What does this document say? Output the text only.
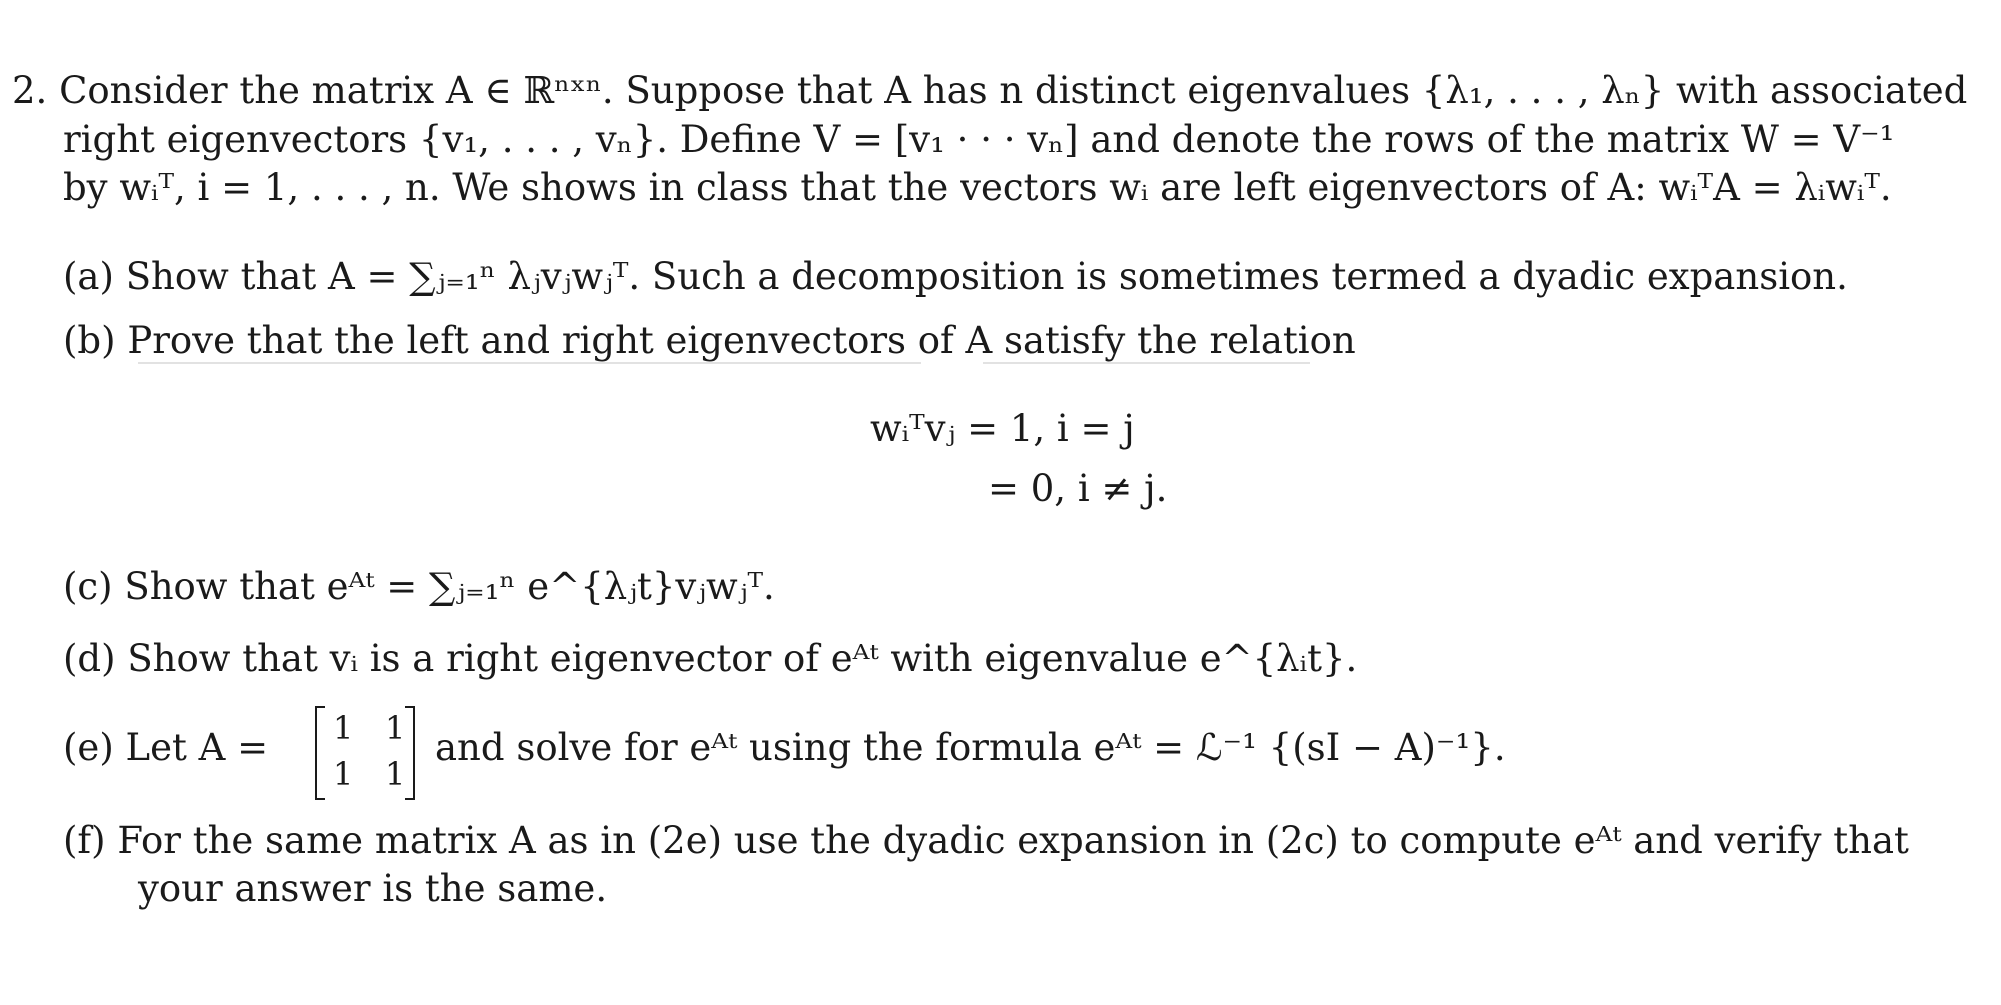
2. Consider the matrix A ∈ ℝⁿˣⁿ. Suppose that A has n distinct eigenvalues {λ₁, . . . , λₙ} with associated
right eigenvectors {v₁, . . . , vₙ}. Define V = [v₁ · · · vₙ] and denote the rows of the matrix W = V⁻¹
by wᵢᵀ, i = 1, . . . , n. We shows in class that the vectors wᵢ are left eigenvectors of A: wᵢᵀA = λᵢwᵢᵀ.
(a) Show that A = ∑ⱼ₌₁ⁿ λⱼvⱼwⱼᵀ. Such a decomposition is sometimes termed a dyadic expansion.
(b) Prove that the left and right eigenvectors of A satisfy the relation
wᵢᵀvⱼ = 1, i = j
= 0, i ≠ j.
(c) Show that eᴬᵗ = ∑ⱼ₌₁ⁿ e^{λⱼt}vⱼwⱼᵀ.
(d) Show that vᵢ is a right eigenvector of eᴬᵗ with eigenvalue e^{λᵢt}.
(e) Let A = 1 1
1 1
and solve for eᴬᵗ using the formula eᴬᵗ = ℒ⁻¹ {(sI − A)⁻¹}.
(f) For the same matrix A as in (2e) use the dyadic expansion in (2c) to compute eᴬᵗ and verify that
your answer is the same.
